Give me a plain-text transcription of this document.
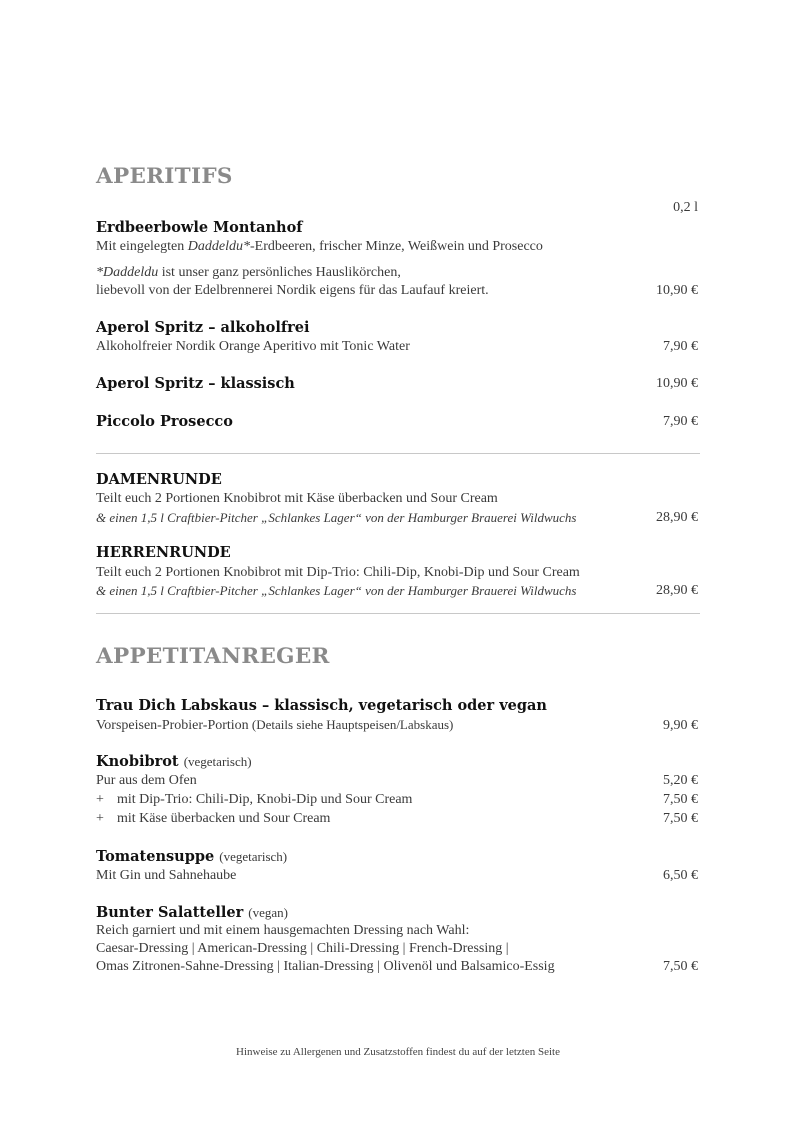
APERITIFS
0,2 l
Erdbeerbowle Montanhof
Mit eingelegten Daddeldu*-Erdbeeren, frischer Minze, Weißwein und Prosecco
*Daddeldu ist unser ganz persönliches Hauslikörchen,
liebevoll von der Edelbrennerei Nordik eigens für das Laufauf kreiert.	10,90 €
Aperol Spritz – alkoholfrei
Alkoholfreier Nordik Orange Aperitivo mit Tonic Water	7,90 €
Aperol Spritz – klassisch	10,90 €
Piccolo Prosecco	7,90 €
DAMENRUNDE
Teilt euch 2 Portionen Knobibrot mit Käse überbacken und Sour Cream
& einen 1,5 l Craftbier-Pitcher „Schlankes Lager“ von der Hamburger Brauerei Wildwuchs	28,90 €
HERRENRUNDE
Teilt euch 2 Portionen Knobibrot mit Dip-Trio: Chili-Dip, Knobi-Dip und Sour Cream
& einen 1,5 l Craftbier-Pitcher „Schlankes Lager“ von der Hamburger Brauerei Wildwuchs	28,90 €
APPETITANREGER
Trau Dich Labskaus – klassisch, vegetarisch oder vegan
Vorspeisen-Probier-Portion (Details siehe Hauptspeisen/Labskaus)	9,90 €
Knobibrot (vegetarisch)
Pur aus dem Ofen	5,20 €
+ mit Dip-Trio: Chili-Dip, Knobi-Dip und Sour Cream	7,50 €
+ mit Käse überbacken und Sour Cream	7,50 €
Tomatensuppe (vegetarisch)
Mit Gin und Sahnehaube	6,50 €
Bunter Salatteller (vegan)
Reich garniert und mit einem hausgemachten Dressing nach Wahl:
Caesar-Dressing | American-Dressing | Chili-Dressing | French-Dressing |
Omas Zitronen-Sahne-Dressing | Italian-Dressing | Olivenöl und Balsamico-Essig	7,50 €
Hinweise zu Allergenen und Zusatzstoffen findest du auf der letzten Seite
